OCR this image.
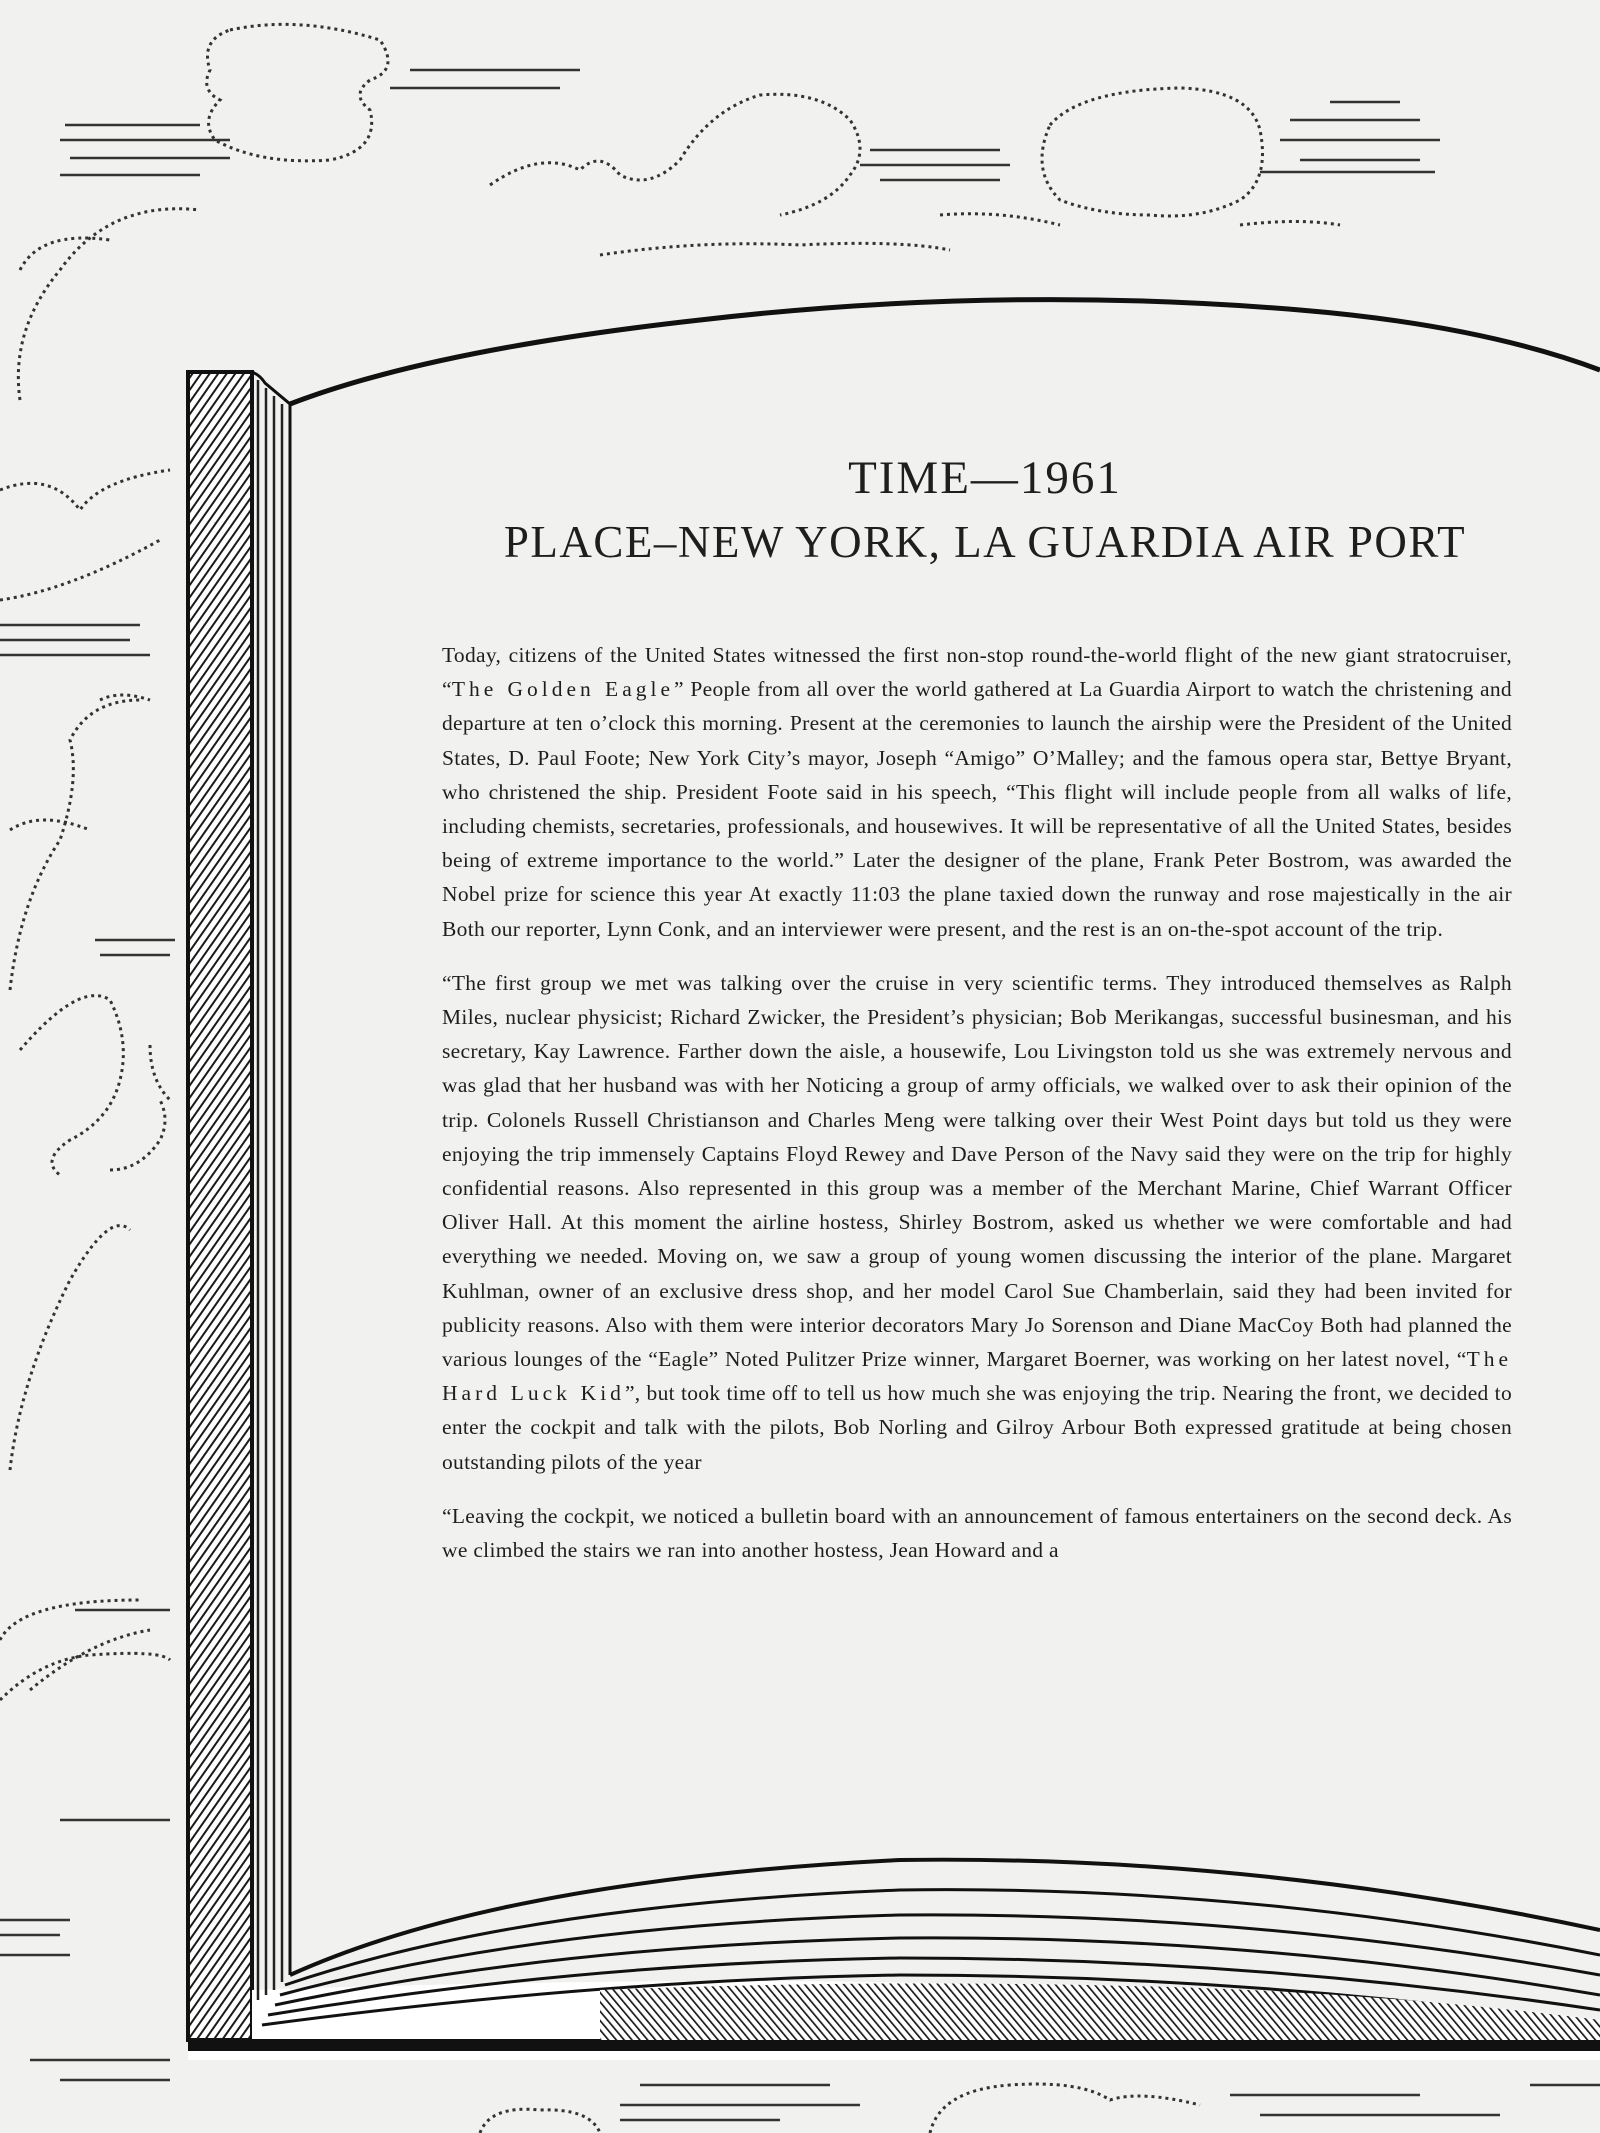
TIME—1961
PLACE–NEW YORK, LA GUARDIA AIR PORT

Today, citizens of the United States witnessed the first non-stop round-the-world flight of the new giant stratocruiser, “The Golden Eagle” People from all over the world gathered at La Guardia Airport to watch the christening and departure at ten o’clock this morning. Present at the ceremonies to launch the airship were the President of the United States, D. Paul Foote; New York City’s mayor, Joseph “Amigo” O’Malley; and the famous opera star, Bettye Bryant, who christened the ship. President Foote said in his speech, “This flight will include people from all walks of life, including chemists, secretaries, professionals, and housewives. It will be representative of all the United States, besides being of extreme importance to the world.” Later the designer of the plane, Frank Peter Bostrom, was awarded the Nobel prize for science this year At exactly 11:03 the plane taxied down the runway and rose majestically in the air Both our reporter, Lynn Conk, and an interviewer were present, and the rest is an on-the-spot account of the trip.

“The first group we met was talking over the cruise in very scientific terms. They introduced themselves as Ralph Miles, nuclear physicist; Richard Zwicker, the President’s physician; Bob Merikangas, successful businesman, and his secretary, Kay Lawrence. Farther down the aisle, a housewife, Lou Livingston told us she was extremely nervous and was glad that her husband was with her Noticing a group of army officials, we walked over to ask their opinion of the trip. Colonels Russell Christianson and Charles Meng were talking over their West Point days but told us they were enjoying the trip immensely Captains Floyd Rewey and Dave Person of the Navy said they were on the trip for highly confidential reasons. Also represented in this group was a member of the Merchant Marine, Chief Warrant Officer Oliver Hall. At this moment the airline hostess, Shirley Bostrom, asked us whether we were comfortable and had everything we needed. Moving on, we saw a group of young women discussing the interior of the plane. Margaret Kuhlman, owner of an exclusive dress shop, and her model Carol Sue Chamberlain, said they had been invited for publicity reasons. Also with them were interior decorators Mary Jo Sorenson and Diane MacCoy Both had planned the various lounges of the “Eagle” Noted Pulitzer Prize winner, Margaret Boerner, was working on her latest novel, “The Hard Luck Kid”, but took time off to tell us how much she was enjoying the trip. Nearing the front, we decided to enter the cockpit and talk with the pilots, Bob Norling and Gilroy Arbour Both expressed gratitude at being chosen outstanding pilots of the year

“Leaving the cockpit, we noticed a bulletin board with an announcement of famous entertainers on the second deck. As we climbed the stairs we ran into another hostess, Jean Howard and a
